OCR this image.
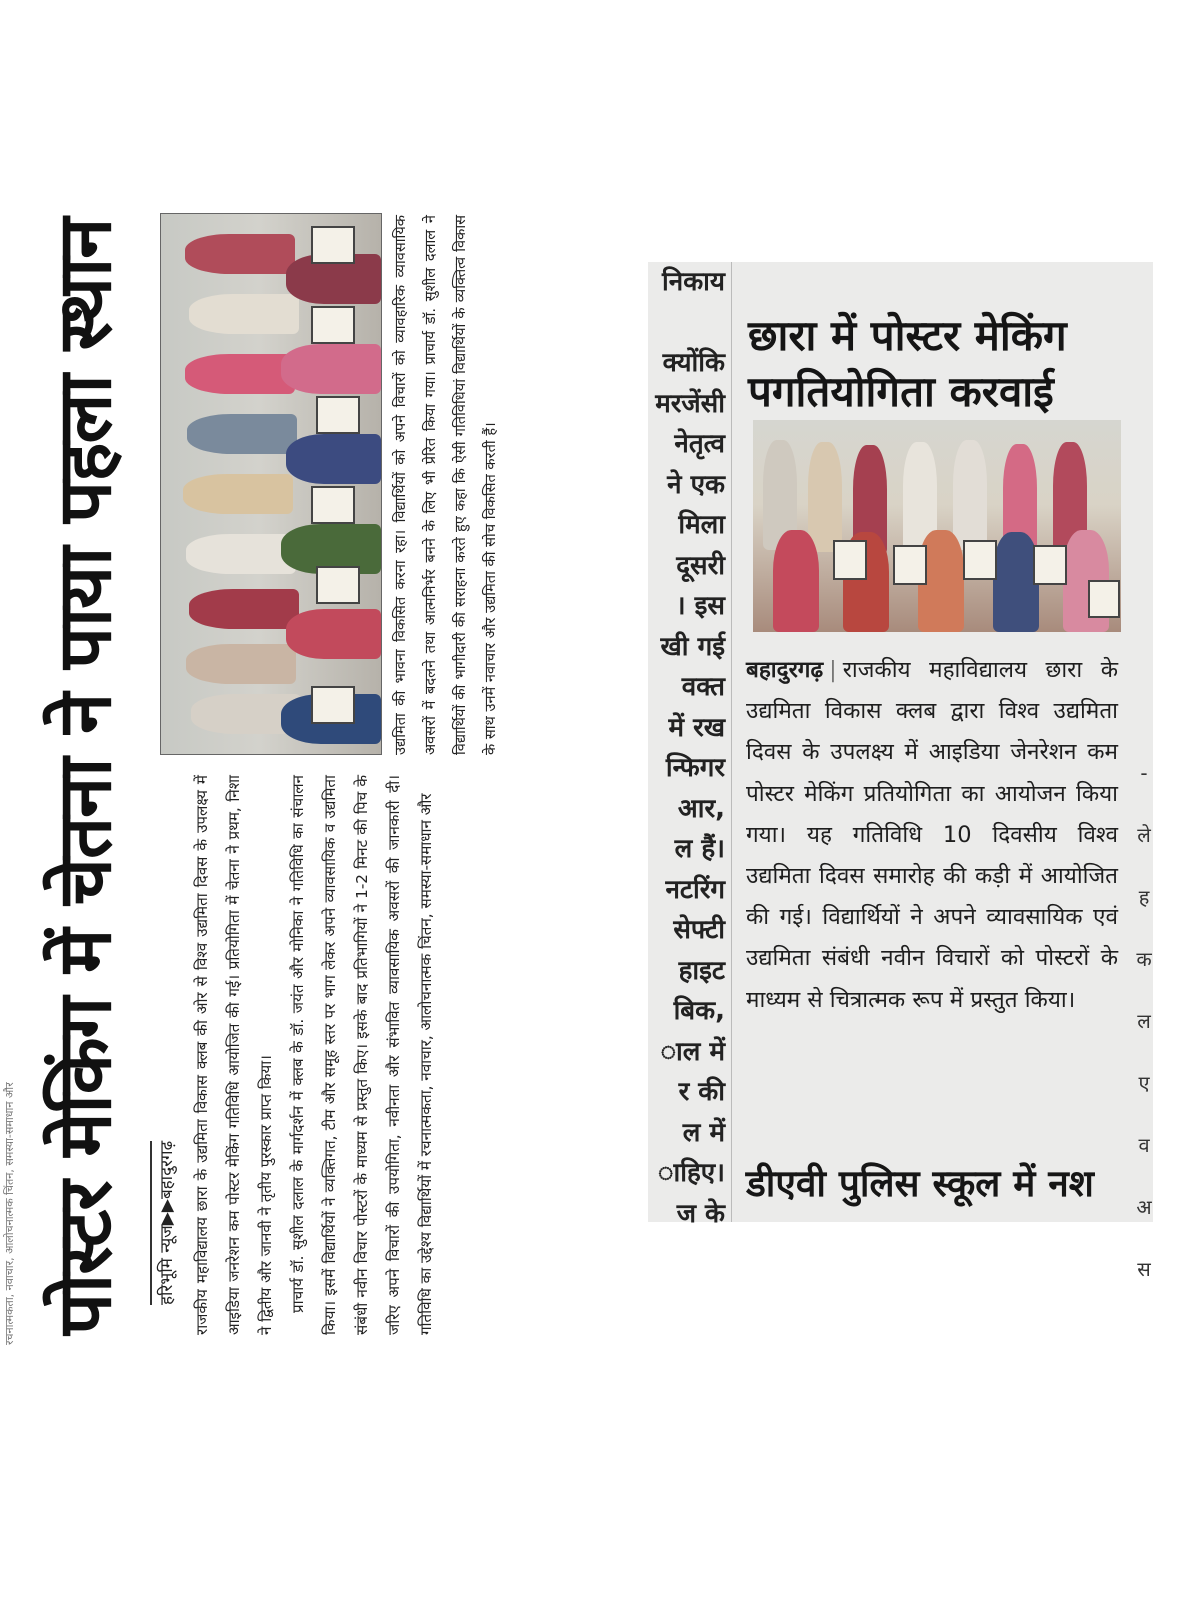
रचनात्मकता, नवाचार, आलोचनात्मक चिंतन, समस्या-समाधान और पोस्टर मेकिंग में चेतना ने पाया पहला स्थान	हरिभूमि न्यूज▶▶बहादुरगढ़	राजकीय महाविद्यालय छारा के उद्यमिता विकास क्लब की ओर से विश्व उद्यमिता दिवस के उपलक्ष्य में आइडिया जनरेशन कम पोस्टर मेकिंग गतिविधि आयोजित की गई। प्रतियोगिता में चेतना ने प्रथम, निशा ने द्वितीय और जानवी ने तृतीय पुरस्कार प्राप्त किया। प्राचार्य डॉ. सुशील दलाल के मार्गदर्शन में क्लब के डॉ. जयंत और मोनिका ने गतिविधि का संचालन किया। इसमें विद्यार्थियों ने व्यक्तिगत, टीम और समूह स्तर पर भाग लेकर अपने व्यावसायिक व उद्यमिता संबंधी नवीन विचार पोस्टरों के माध्यम से प्रस्तुत किए। इसके बाद प्रतिभागियों ने 1-2 मिनट की पिच के जरिए अपने विचारों की उपयोगिता, नवीनता और संभावित व्यावसायिक अवसरों की जानकारी दी। गतिविधि का उद्देश्य विद्यार्थियों में रचनात्मकता, नवाचार, आलोचनात्मक चिंतन, समस्या-समाधान और

उद्यमिता की भावना विकसित करना रहा। विद्यार्थियों को अपने विचारों को व्यावहारिक व्यावसायिक अवसरों में बदलने तथा आत्मनिर्भर बनने के लिए भी प्रेरित किया गया। प्राचार्य डॉ. सुशील दलाल ने विद्यार्थियों की भागीदारी की सराहना करते हुए कहा कि ऐसी गतिविधियां विद्यार्थियों के व्यक्तित्व विकास के साथ उनमें नवाचार और उद्यमिता की सोच विकसित करती हैं।
निकाय
क्योंकि
मरजेंसी
नेतृत्व
ने एक
मिला
दूसरी
। इस
खी गई
वक्त
में रख
न्फिगर
आर,
ल हैं।
नटरिंग
सेफ्टी
हाइट
बिक,
ाल में
र की
ल में
ाहिए।
ज के
-
ले
ह
क
ल
ए
व
अ
स
छारा में पोस्टर मेकिंग पगतियोगिता करवाई
बहादुरगढ़ | राजकीय महाविद्यालय छारा के उद्यमिता विकास क्लब द्वारा विश्व उद्यमिता दिवस के उपलक्ष्य में आइडिया जेनरेशन कम पोस्टर मेकिंग प्रतियोगिता का आयोजन किया गया। यह गतिविधि 10 दिवसीय विश्व उद्यमिता दिवस समारोह की कड़ी में आयोजित की गई। विद्यार्थियों ने अपने व्यावसायिक एवं उद्यमिता संबंधी नवीन विचारों को पोस्टरों के माध्यम से चित्रात्मक रूप में प्रस्तुत किया।
डीएवी पुलिस स्कूल में नश
